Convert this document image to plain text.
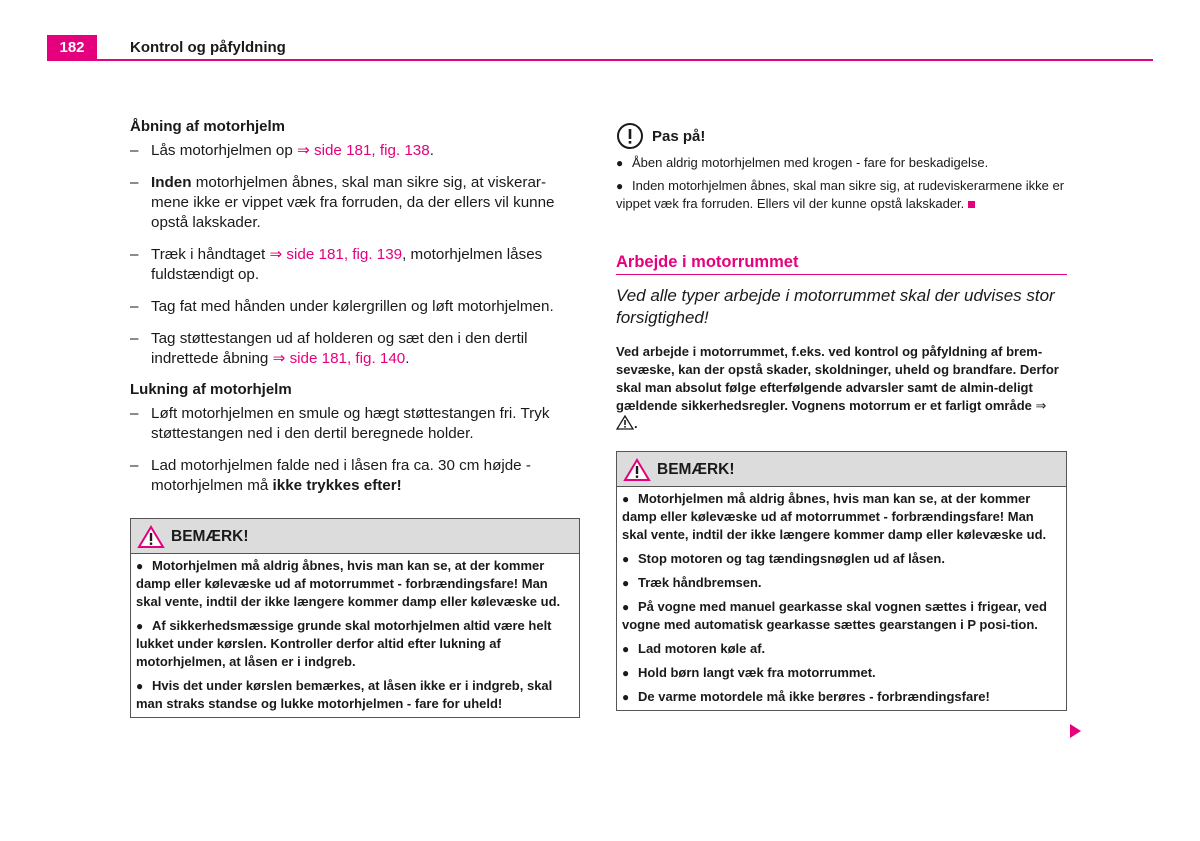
182	Kontrol og påfyldning
Åbning af motorhjelm
– Lås motorhjelmen op ⇒ side 181, fig. 138.
– Inden motorhjelmen åbnes, skal man sikre sig, at viskerar-mene ikke er vippet væk fra forruden, da der ellers vil kunne opstå lakskader.
– Træk i håndtaget ⇒ side 181, fig. 139, motorhjelmen låses fuldstændigt op.
– Tag fat med hånden under kølergrillen og løft motorhjelmen.
– Tag støttestangen ud af holderen og sæt den i den dertil indrettede åbning ⇒ side 181, fig. 140.
Lukning af motorhjelm
– Løft motorhjelmen en smule og hægt støttestangen fri. Tryk støttestangen ned i den dertil beregnede holder.
– Lad motorhjelmen falde ned i låsen fra ca. 30 cm højde - motorhjelmen må ikke trykkes efter!
BEMÆRK!

● Motorhjelmen må aldrig åbnes, hvis man kan se, at der kommer damp eller kølevæske ud af motorrummet - forbrændingsfare! Man skal vente, indtil der ikke længere kommer damp eller kølevæske ud.

● Af sikkerhedsmæssige grunde skal motorhjelmen altid være helt lukket under kørslen. Kontroller derfor altid efter lukning af motorhjelmen, at låsen er i indgreb.

● Hvis det under kørslen bemærkes, at låsen ikke er i indgreb, skal man straks standse og lukke motorhjelmen - fare for uheld!

Pas på!

● Åben aldrig motorhjelmen med krogen - fare for beskadigelse.

● Inden motorhjelmen åbnes, skal man sikre sig, at rudeviskerarmene ikke er vippet væk fra forruden. Ellers vil der kunne opstå lakskader.

Arbejde i motorrummet

Ved alle typer arbejde i motorrummet skal der udvises stor forsigtighed!

Ved arbejde i motorrummet, f.eks. ved kontrol og påfyldning af brem-sevæske, kan der opstå skader, skoldninger, uheld og brandfare. Derfor skal man absolut følge efterfølgende advarsler samt de almin-deligt gældende sikkerhedsregler. Vognens motorrum er et farligt område ⇒ .

BEMÆRK!

● Motorhjelmen må aldrig åbnes, hvis man kan se, at der kommer damp eller kølevæske ud af motorrummet - forbrændingsfare! Man skal vente, indtil der ikke længere kommer damp eller kølevæske ud.

● Stop motoren og tag tændingsnøglen ud af låsen.

● Træk håndbremsen.

● På vogne med manuel gearkasse skal vognen sættes i frigear, ved vogne med automatisk gearkasse sættes gearstangen i P posi-tion.

● Lad motoren køle af.

● Hold børn langt væk fra motorrummet.

● De varme motordele må ikke berøres - forbrændingsfare!
